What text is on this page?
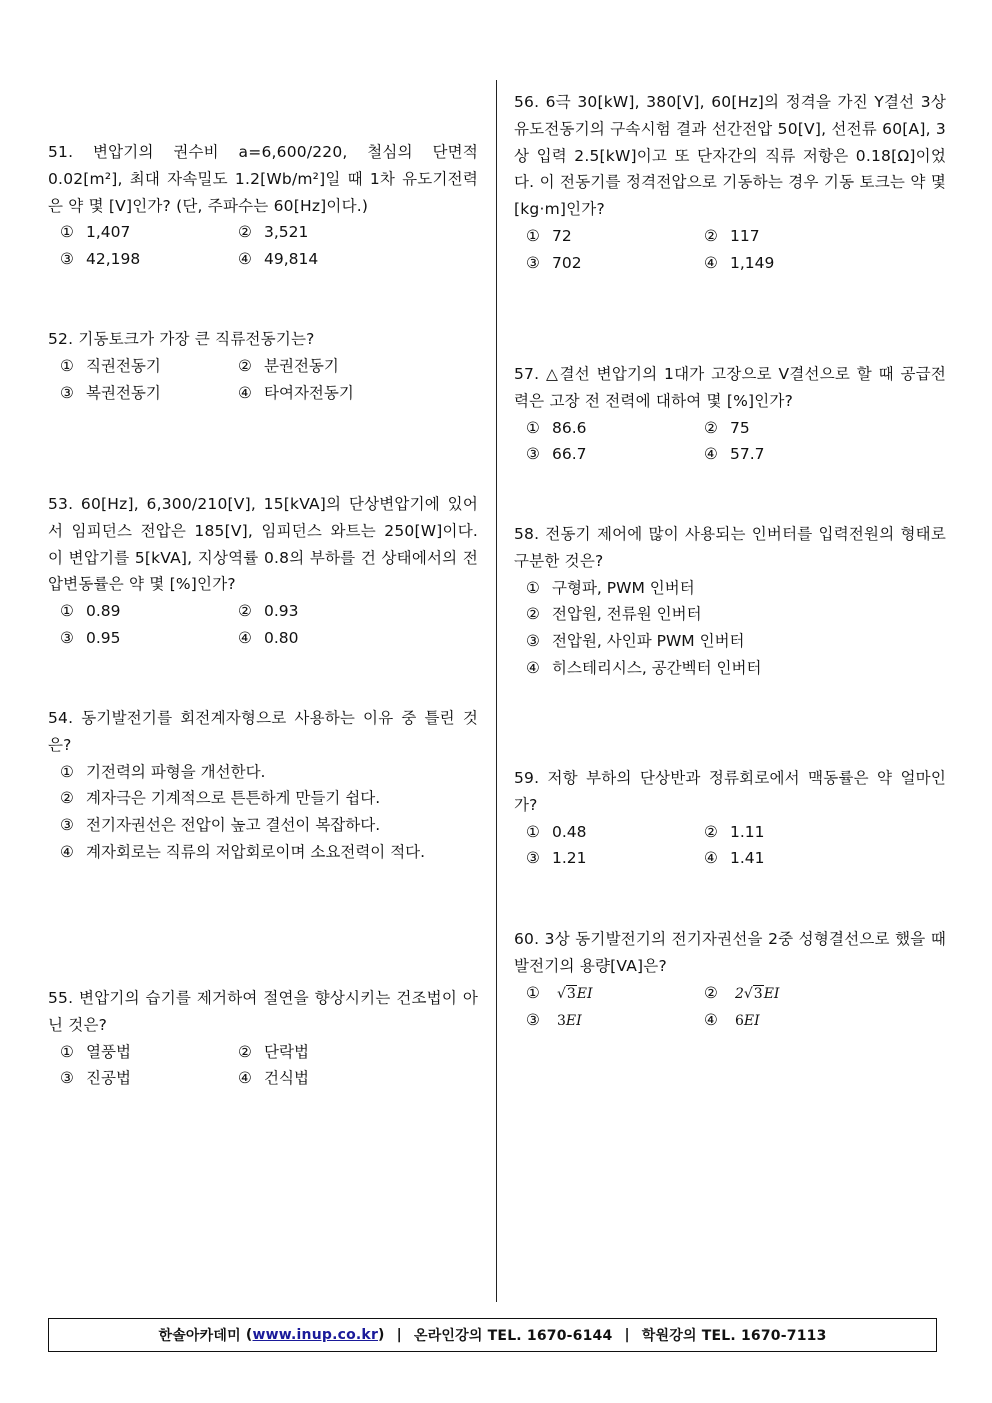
51. 변압기의 권수비 a=6,600/220, 철심의 단면적 0.02[m²], 최대 자속밀도 1.2[Wb/m²]일 때 1차 유도기전력은 약 몇 [V]인가? (단, 주파수는 60[Hz]이다.)
① 1,407	② 3,521
③ 42,198	④ 49,814
52. 기동토크가 가장 큰 직류전동기는?
① 직권전동기	② 분권전동기
③ 복권전동기	④ 타여자전동기
53. 60[Hz], 6,300/210[V], 15[kVA]의 단상변압기에 있어서 임피던스 전압은 185[V], 임피던스 와트는 250[W]이다. 이 변압기를 5[kVA], 지상역률 0.8의 부하를 건 상태에서의 전압변동률은 약 몇 [%]인가?
① 0.89	② 0.93
③ 0.95	④ 0.80
54. 동기발전기를 회전계자형으로 사용하는 이유 중 틀린 것은?
① 기전력의 파형을 개선한다.
② 계자극은 기계적으로 튼튼하게 만들기 쉽다.
③ 전기자권선은 전압이 높고 결선이 복잡하다.
④ 계자회로는 직류의 저압회로이며 소요전력이 적다.
55. 변압기의 습기를 제거하여 절연을 향상시키는 건조법이 아닌 것은?
① 열풍법	② 단락법
③ 진공법	④ 건식법
56. 6극 30[kW], 380[V], 60[Hz]의 정격을 가진 Y결선 3상 유도전동기의 구속시험 결과 선간전압 50[V], 선전류 60[A], 3상 입력 2.5[kW]이고 또 단자간의 직류 저항은 0.18[Ω]이었다. 이 전동기를 정격전압으로 기동하는 경우 기동 토크는 약 몇 [kg·m]인가?
① 72	② 117
③ 702	④ 1,149
57. △결선 변압기의 1대가 고장으로 V결선으로 할 때 공급전력은 고장 전 전력에 대하여 몇 [%]인가?
① 86.6	② 75
③ 66.7	④ 57.7
58. 전동기 제어에 많이 사용되는 인버터를 입력전원의 형태로 구분한 것은?
① 구형파, PWM 인버터
② 전압원, 전류원 인버터
③ 전압원, 사인파 PWM 인버터
④ 히스테리시스, 공간벡터 인버터
59. 저항 부하의 단상반과 정류회로에서 맥동률은 약 얼마인가?
① 0.48	② 1.11
③ 1.21	④ 1.41
60. 3상 동기발전기의 전기자권선을 2중 성형결선으로 했을 때 발전기의 용량[VA]은?
① √3EI	② 2√3EI
③ 3EI	④ 6EI
한솔아카데미 ( www.inup.co.kr ) | 온라인강의 TEL. 1670-6144 | 학원강의 TEL. 1670-7113
